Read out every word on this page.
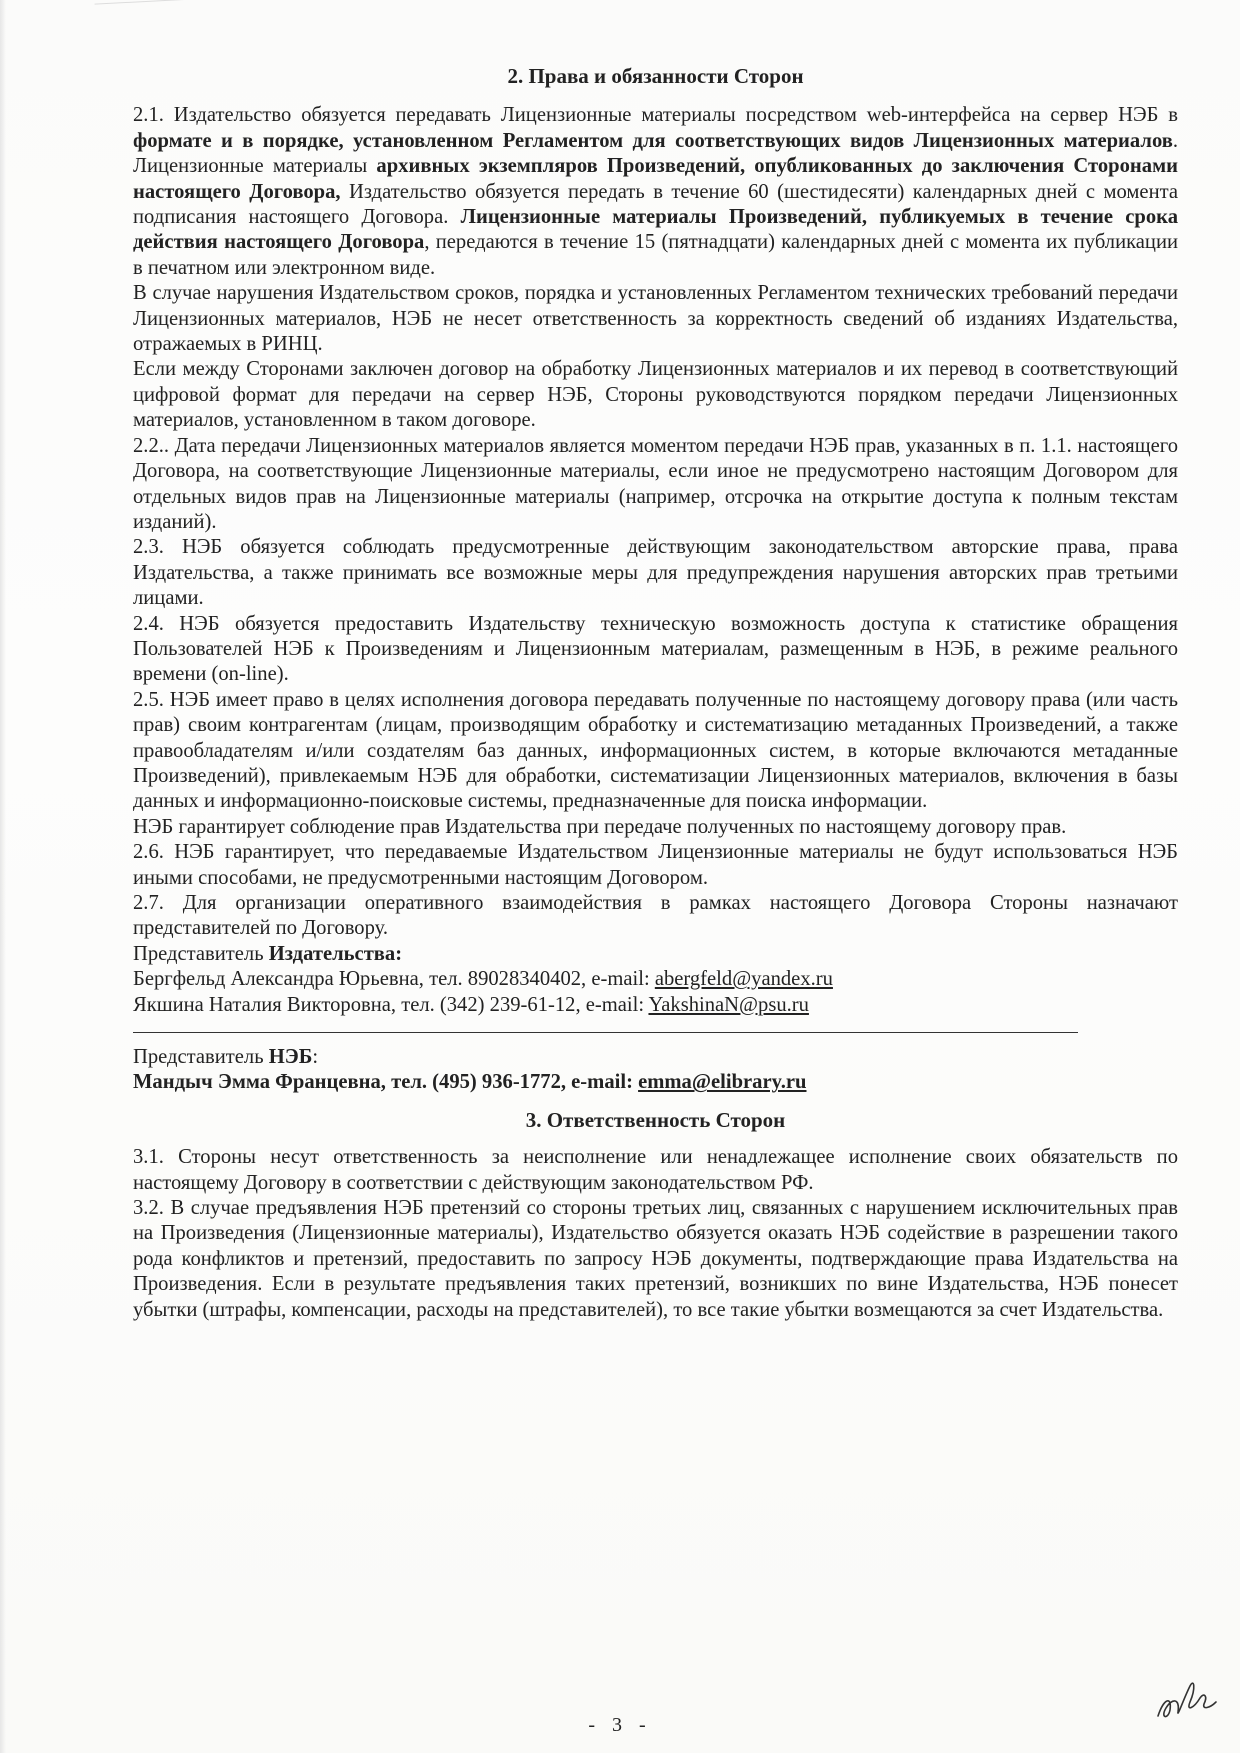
2. Права и обязанности Сторон

2.1. Издательство обязуется передавать Лицензионные материалы посредством web-интерфейса на сервер НЭБ в формате и в порядке, установленном Регламентом для соответствующих видов Лицензионных материалов. Лицензионные материалы архивных экземпляров Произведений, опубликованных до заключения Сторонами настоящего Договора, Издательство обязуется передать в течение 60 (шестидесяти) календарных дней с момента подписания настоящего Договора. Лицензионные материалы Произведений, публикуемых в течение срока действия настоящего Договора, передаются в течение 15 (пятнадцати) календарных дней с момента их публикации в печатном или электронном виде.

В случае нарушения Издательством сроков, порядка и установленных Регламентом технических требований передачи Лицензионных материалов, НЭБ не несет ответственность за корректность сведений об изданиях Издательства, отражаемых в РИНЦ.

Если между Сторонами заключен договор на обработку Лицензионных материалов и их перевод в соответствующий цифровой формат для передачи на сервер НЭБ, Стороны руководствуются порядком передачи Лицензионных материалов, установленном в таком договоре.

2.2.. Дата передачи Лицензионных материалов является моментом передачи НЭБ прав, указанных в п. 1.1. настоящего Договора, на соответствующие Лицензионные материалы, если иное не предусмотрено настоящим Договором для отдельных видов прав на Лицензионные материалы (например, отсрочка на открытие доступа к полным текстам изданий).

2.3. НЭБ обязуется соблюдать предусмотренные действующим законодательством авторские права, права Издательства, а также принимать все возможные меры для предупреждения нарушения авторских прав третьими лицами.

2.4. НЭБ обязуется предоставить Издательству техническую возможность доступа к статистике обращения Пользователей НЭБ к Произведениям и Лицензионным материалам, размещенным в НЭБ, в режиме реального времени (on-line).

2.5. НЭБ имеет право в целях исполнения договора передавать полученные по настоящему договору права (или часть прав) своим контрагентам (лицам, производящим обработку и систематизацию метаданных Произведений, а также правообладателям и/или создателям баз данных, информационных систем, в которые включаются метаданные Произведений), привлекаемым НЭБ для обработки, систематизации Лицензионных материалов, включения в базы данных и информационно-поисковые системы, предназначенные для поиска информации.

НЭБ гарантирует соблюдение прав Издательства при передаче полученных по настоящему договору прав.

2.6. НЭБ гарантирует, что передаваемые Издательством Лицензионные материалы не будут использоваться НЭБ иными способами, не предусмотренными настоящим Договором.

2.7. Для организации оперативного взаимодействия в рамках настоящего Договора Стороны назначают представителей по Договору.

Представитель Издательства:

Бергфельд Александра Юрьевна, тел. 89028340402, e-mail: abergfeld@yandex.ru

Якшина Наталия Викторовна, тел. (342) 239-61-12, e-mail: YakshinaN@psu.ru

Представитель НЭБ:

Мандыч Эмма Францевна, тел. (495) 936-1772, e-mail: emma@elibrary.ru

3. Ответственность Сторон

3.1. Стороны несут ответственность за неисполнение или ненадлежащее исполнение своих обязательств по настоящему Договору в соответствии с действующим законодательством РФ.

3.2. В случае предъявления НЭБ претензий со стороны третьих лиц, связанных с нарушением исключительных прав на Произведения (Лицензионные материалы), Издательство обязуется оказать НЭБ содействие в разрешении такого рода конфликтов и претензий, предоставить по запросу НЭБ документы, подтверждающие права Издательства на Произведения. Если в результате предъявления таких претензий, возникших по вине Издательства, НЭБ понесет убытки (штрафы, компенсации, расходы на представителей), то все такие убытки возмещаются за счет Издательства.

- 3 -
